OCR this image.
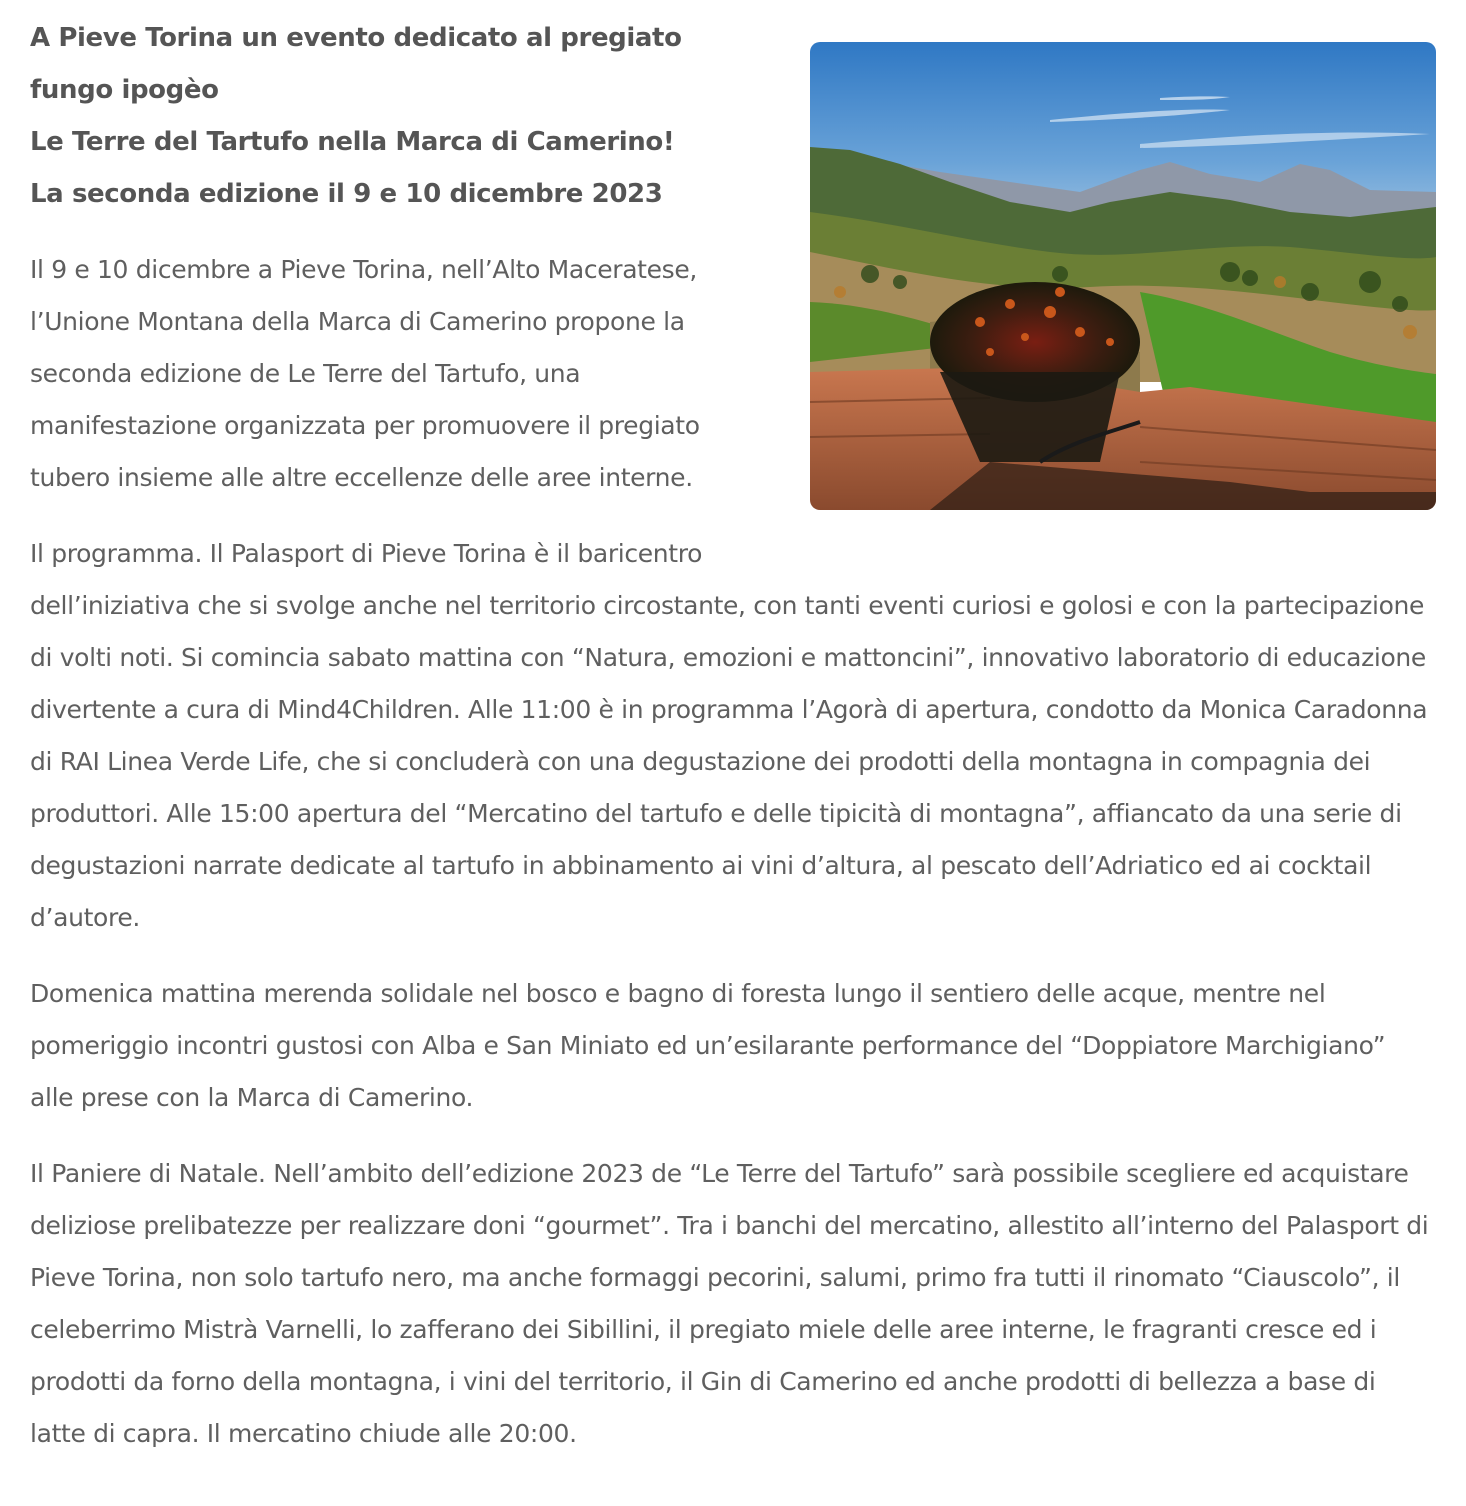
A Pieve Torina un evento dedicato al pregiato fungo ipogèo
Le Terre del Tartufo nella Marca di Camerino!
La seconda edizione il 9 e 10 dicembre 2023

Il 9 e 10 dicembre a Pieve Torina, nell’Alto Maceratese, l’Unione Montana della Marca di Camerino propone la seconda edizione de Le Terre del Tartufo, una manifestazione organizzata per promuovere il pregiato tubero insieme alle altre eccellenze delle aree interne.

Il programma. Il Palasport di Pieve Torina è il baricentro dell’iniziativa che si svolge anche nel territorio circostante, con tanti eventi curiosi e golosi e con la partecipazione di volti noti. Si comincia sabato mattina con “Natura, emozioni e mattoncini”, innovativo laboratorio di educazione divertente a cura di Mind4Children. Alle 11:00 è in programma l’Agorà di apertura, condotto da Monica Caradonna di RAI Linea Verde Life, che si concluderà con una degustazione dei prodotti della montagna in compagnia dei produttori. Alle 15:00 apertura del “Mercatino del tartufo e delle tipicità di montagna”, affiancato da una serie di degustazioni narrate dedicate al tartufo in abbinamento ai vini d’altura, al pescato dell’Adriatico ed ai cocktail d’autore.

Domenica mattina merenda solidale nel bosco e bagno di foresta lungo il sentiero delle acque, mentre nel pomeriggio incontri gustosi con Alba e San Miniato ed un’esilarante performance del “Doppiatore Marchigiano” alle prese con la Marca di Camerino.

Il Paniere di Natale. Nell’ambito dell’edizione 2023 de “Le Terre del Tartufo” sarà possibile scegliere ed acquistare deliziose prelibatezze per realizzare doni “gourmet”. Tra i banchi del mercatino, allestito all’interno del Palasport di Pieve Torina, non solo tartufo nero, ma anche formaggi pecorini, salumi, primo fra tutti il rinomato “Ciauscolo”, il celeberrimo Mistrà Varnelli, lo zafferano dei Sibillini, il pregiato miele delle aree interne, le fragranti cresce ed i prodotti da forno della montagna, i vini del territorio, il Gin di Camerino ed anche prodotti di bellezza a base di latte di capra. Il mercatino chiude alle 20:00.
